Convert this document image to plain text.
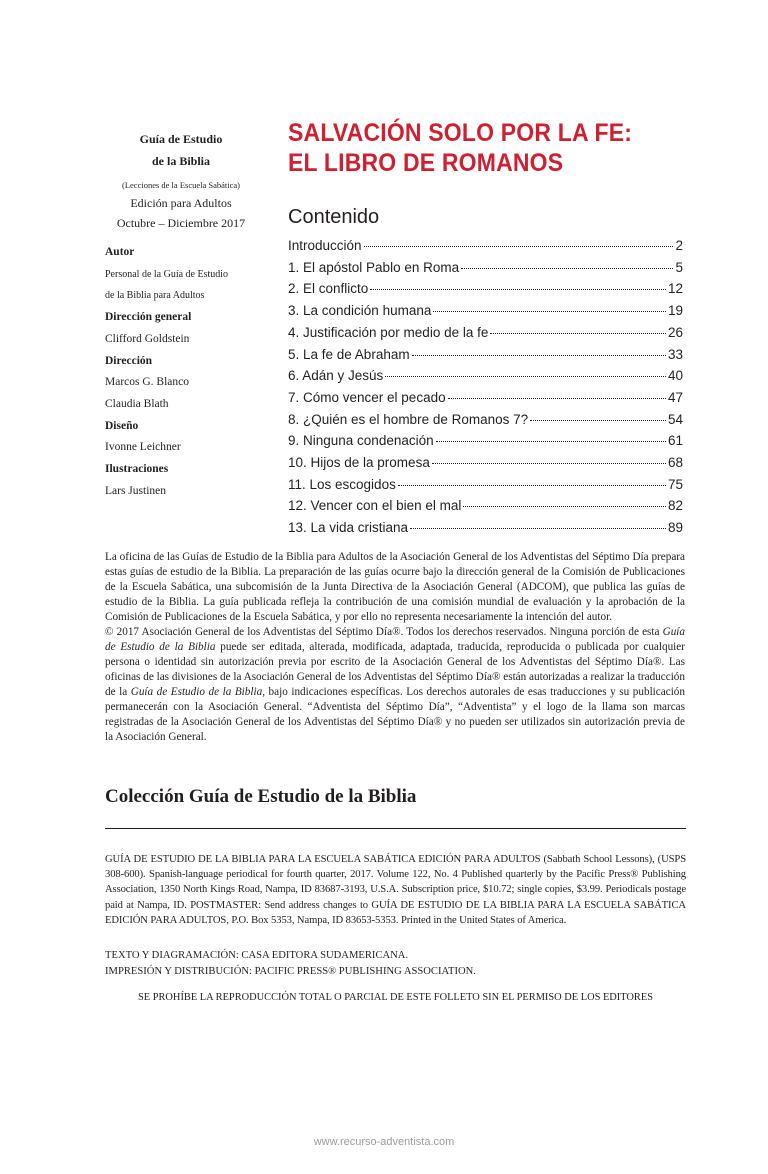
Guía de Estudio
de la Biblia
(Lecciones de la Escuela Sabática)
Edición para Adultos
Octubre – Diciembre 2017
Autor
Personal de la Guía de Estudio
de la Biblia para Adultos
Dirección general
Clifford Goldstein
Dirección
Marcos G. Blanco
Claudia Blath
Diseño
Ivonne Leichner
Ilustraciones
Lars Justinen
SALVACIÓN SOLO POR LA FE:
EL LIBRO DE ROMANOS
Contenido
Introducción	2
1. El apóstol Pablo en Roma	5
2. El conflicto	12
3. La condición humana	19
4. Justificación por medio de la fe	26
5. La fe de Abraham	33
6. Adán y Jesús	40
7. Cómo vencer el pecado	47
8. ¿Quién es el hombre de Romanos 7?	54
9. Ninguna condenación	61
10. Hijos de la promesa	68
11. Los escogidos	75
12. Vencer con el bien el mal	82
13. La vida cristiana	89

La oficina de las Guías de Estudio de la Biblia para Adultos de la Asociación General de los Adventistas del Séptimo Día prepara estas guías de estudio de la Biblia. La preparación de las guías ocurre bajo la dirección general de la Comisión de Publicaciones de la Escuela Sabática, una subcomisión de la Junta Directiva de la Asociación General (ADCOM), que publica las guías de estudio de la Biblia. La guía publicada refleja la contribución de una comisión mundial de evaluación y la aprobación de la Comisión de Publicaciones de la Escuela Sabática, y por ello no representa necesariamente la intención del autor.

© 2017 Asociación General de los Adventistas del Séptimo Día®. Todos los derechos reservados. Ninguna porción de esta Guía de Estudio de la Biblia puede ser editada, alterada, modificada, adaptada, traducida, reproducida o publicada por cualquier persona o identidad sin autorización previa por escrito de la Asociación General de los Adventistas del Séptimo Día®. Las oficinas de las divisiones de la Asociación General de los Adventistas del Séptimo Día® están autorizadas a realizar la traducción de la Guía de Estudio de la Biblia, bajo indicaciones específicas. Los derechos autorales de esas traducciones y su publicación permanecerán con la Asociación General. “Adventista del Séptimo Día”, “Adventista” y el logo de la llama son marcas registradas de la Asociación General de los Adventistas del Séptimo Día® y no pueden ser utilizados sin autorización previa de la Asociación General.

Colección Guía de Estudio de la Biblia

GUÍA DE ESTUDIO DE LA BIBLIA PARA LA ESCUELA SABÁTICA EDICIÓN PARA ADULTOS (Sabbath School Lessons), (USPS 308-600). Spanish-language periodical for fourth quarter, 2017. Volume 122, No. 4 Published quarterly by the Pacific Press® Publishing Association, 1350 North Kings Road, Nampa, ID 83687-3193, U.S.A. Subscription price, $10.72; single copies, $3.99. Periodicals postage paid at Nampa, ID. POSTMASTER: Send address changes to GUÍA DE ESTUDIO DE LA BIBLIA PARA LA ESCUELA SABÁTICA EDICIÓN PARA ADULTOS, P.O. Box 5353, Nampa, ID 83653-5353. Printed in the United States of America.

TEXTO Y DIAGRAMACIÓN: CASA EDITORA SUDAMERICANA.
IMPRESIÓN Y DISTRIBUCIÓN: PACIFIC PRESS® PUBLISHING ASSOCIATION.
SE PROHÍBE LA REPRODUCCIÓN TOTAL O PARCIAL DE ESTE FOLLETO SIN EL PERMISO DE LOS EDITORES
www.recurso-adventista.com
